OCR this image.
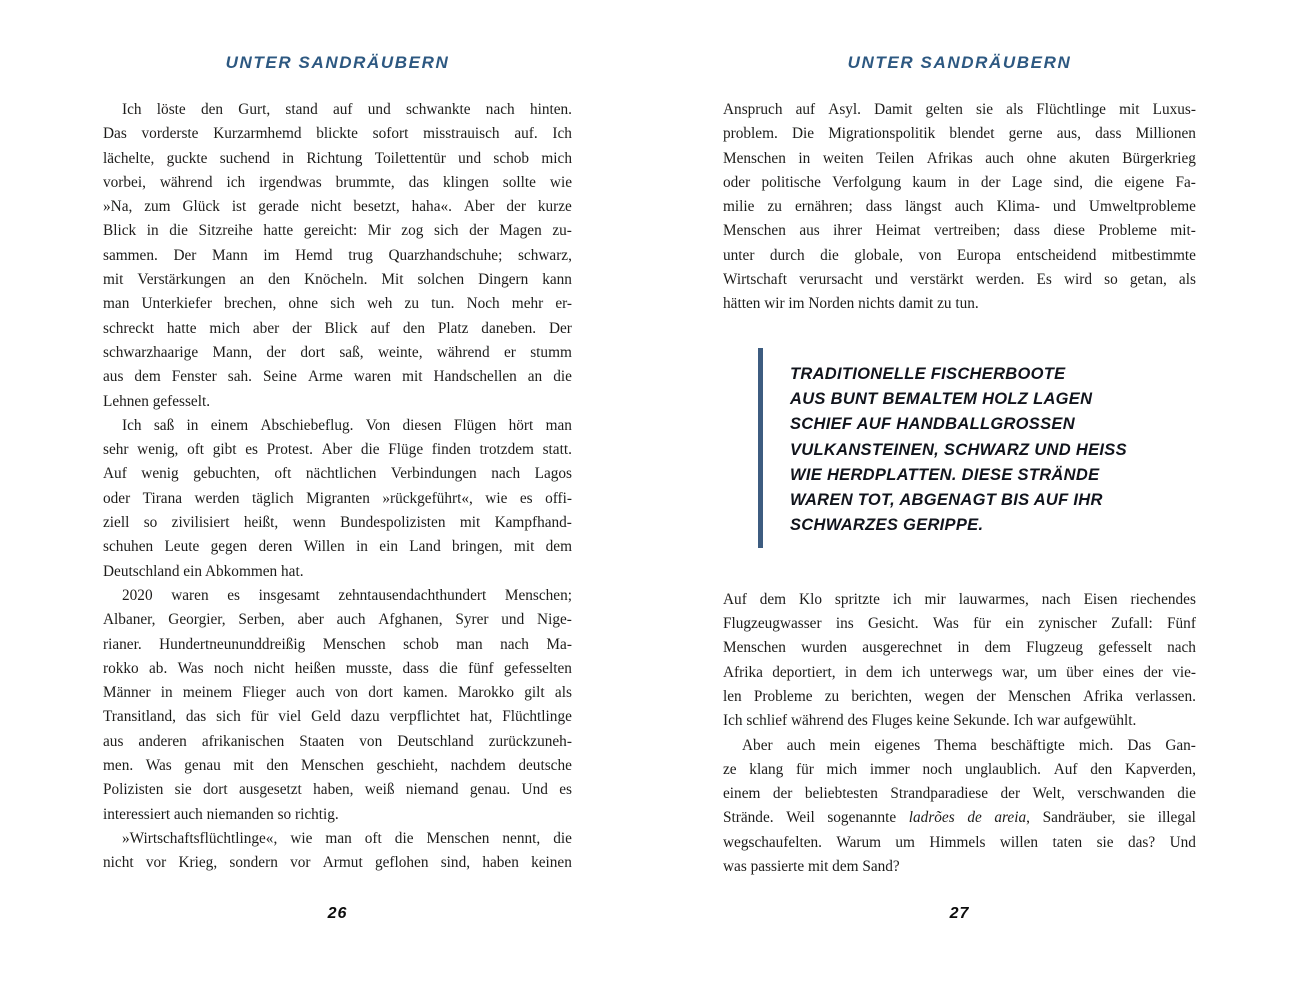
UNTER SANDRÄUBERN
Ich löste den Gurt, stand auf und schwankte nach hinten.
Das vorderste Kurzarmhemd blickte sofort misstrauisch auf. Ich
lächelte, guckte suchend in Richtung Toilettentür und schob mich
vorbei, während ich irgendwas brummte, das klingen sollte wie
»Na, zum Glück ist gerade nicht besetzt, haha«. Aber der kurze
Blick in die Sitzreihe hatte gereicht: Mir zog sich der Magen zu-
sammen. Der Mann im Hemd trug Quarzhandschuhe; schwarz,
mit Verstärkungen an den Knöcheln. Mit solchen Dingern kann
man Unterkiefer brechen, ohne sich weh zu tun. Noch mehr er-
schreckt hatte mich aber der Blick auf den Platz daneben. Der
schwarzhaarige Mann, der dort saß, weinte, während er stumm
aus dem Fenster sah. Seine Arme waren mit Handschellen an die
Lehnen gefesselt.
Ich saß in einem Abschiebeflug. Von diesen Flügen hört man
sehr wenig, oft gibt es Protest. Aber die Flüge finden trotzdem statt.
Auf wenig gebuchten, oft nächtlichen Verbindungen nach Lagos
oder Tirana werden täglich Migranten »rückgeführt«, wie es offi-
ziell so zivilisiert heißt, wenn Bundespolizisten mit Kampfhand-
schuhen Leute gegen deren Willen in ein Land bringen, mit dem
Deutschland ein Abkommen hat.
2020 waren es insgesamt zehntausendachthundert Menschen;
Albaner, Georgier, Serben, aber auch Afghanen, Syrer und Nige-
rianer. Hundertneununddreißig Menschen schob man nach Ma-
rokko ab. Was noch nicht heißen musste, dass die fünf gefesselten
Männer in meinem Flieger auch von dort kamen. Marokko gilt als
Transitland, das sich für viel Geld dazu verpflichtet hat, Flüchtlinge
aus anderen afrikanischen Staaten von Deutschland zurückzuneh-
men. Was genau mit den Menschen geschieht, nachdem deutsche
Polizisten sie dort ausgesetzt haben, weiß niemand genau. Und es
interessiert auch niemanden so richtig.
»Wirtschaftsflüchtlinge«, wie man oft die Menschen nennt, die
nicht vor Krieg, sondern vor Armut geflohen sind, haben keinen
26
UNTER SANDRÄUBERN
Anspruch auf Asyl. Damit gelten sie als Flüchtlinge mit Luxus-
problem. Die Migrationspolitik blendet gerne aus, dass Millionen
Menschen in weiten Teilen Afrikas auch ohne akuten Bürgerkrieg
oder politische Verfolgung kaum in der Lage sind, die eigene Fa-
milie zu ernähren; dass längst auch Klima- und Umweltprobleme
Menschen aus ihrer Heimat vertreiben; dass diese Probleme mit-
unter durch die globale, von Europa entscheidend mitbestimmte
Wirtschaft verursacht und verstärkt werden. Es wird so getan, als
hätten wir im Norden nichts damit zu tun.
TRADITIONELLE FISCHERBOOTE
AUS BUNT BEMALTEM HOLZ LAGEN
SCHIEF AUF HANDBALLGROSSEN
VULKANSTEINEN, SCHWARZ UND HEISS
WIE HERDPLATTEN. DIESE STRÄNDE
WAREN TOT, ABGENAGT BIS AUF IHR
SCHWARZES GERIPPE.
Auf dem Klo spritzte ich mir lauwarmes, nach Eisen riechendes
Flugzeugwasser ins Gesicht. Was für ein zynischer Zufall: Fünf
Menschen wurden ausgerechnet in dem Flugzeug gefesselt nach
Afrika deportiert, in dem ich unterwegs war, um über eines der vie-
len Probleme zu berichten, wegen der Menschen Afrika verlassen.
Ich schlief während des Fluges keine Sekunde. Ich war aufgewühlt.
Aber auch mein eigenes Thema beschäftigte mich. Das Gan-
ze klang für mich immer noch unglaublich. Auf den Kapverden,
einem der beliebtesten Strandparadiese der Welt, verschwanden die
Strände. Weil sogenannte ladrões de areia, Sandräuber, sie illegal
wegschaufelten. Warum um Himmels willen taten sie das? Und
was passierte mit dem Sand?
27
